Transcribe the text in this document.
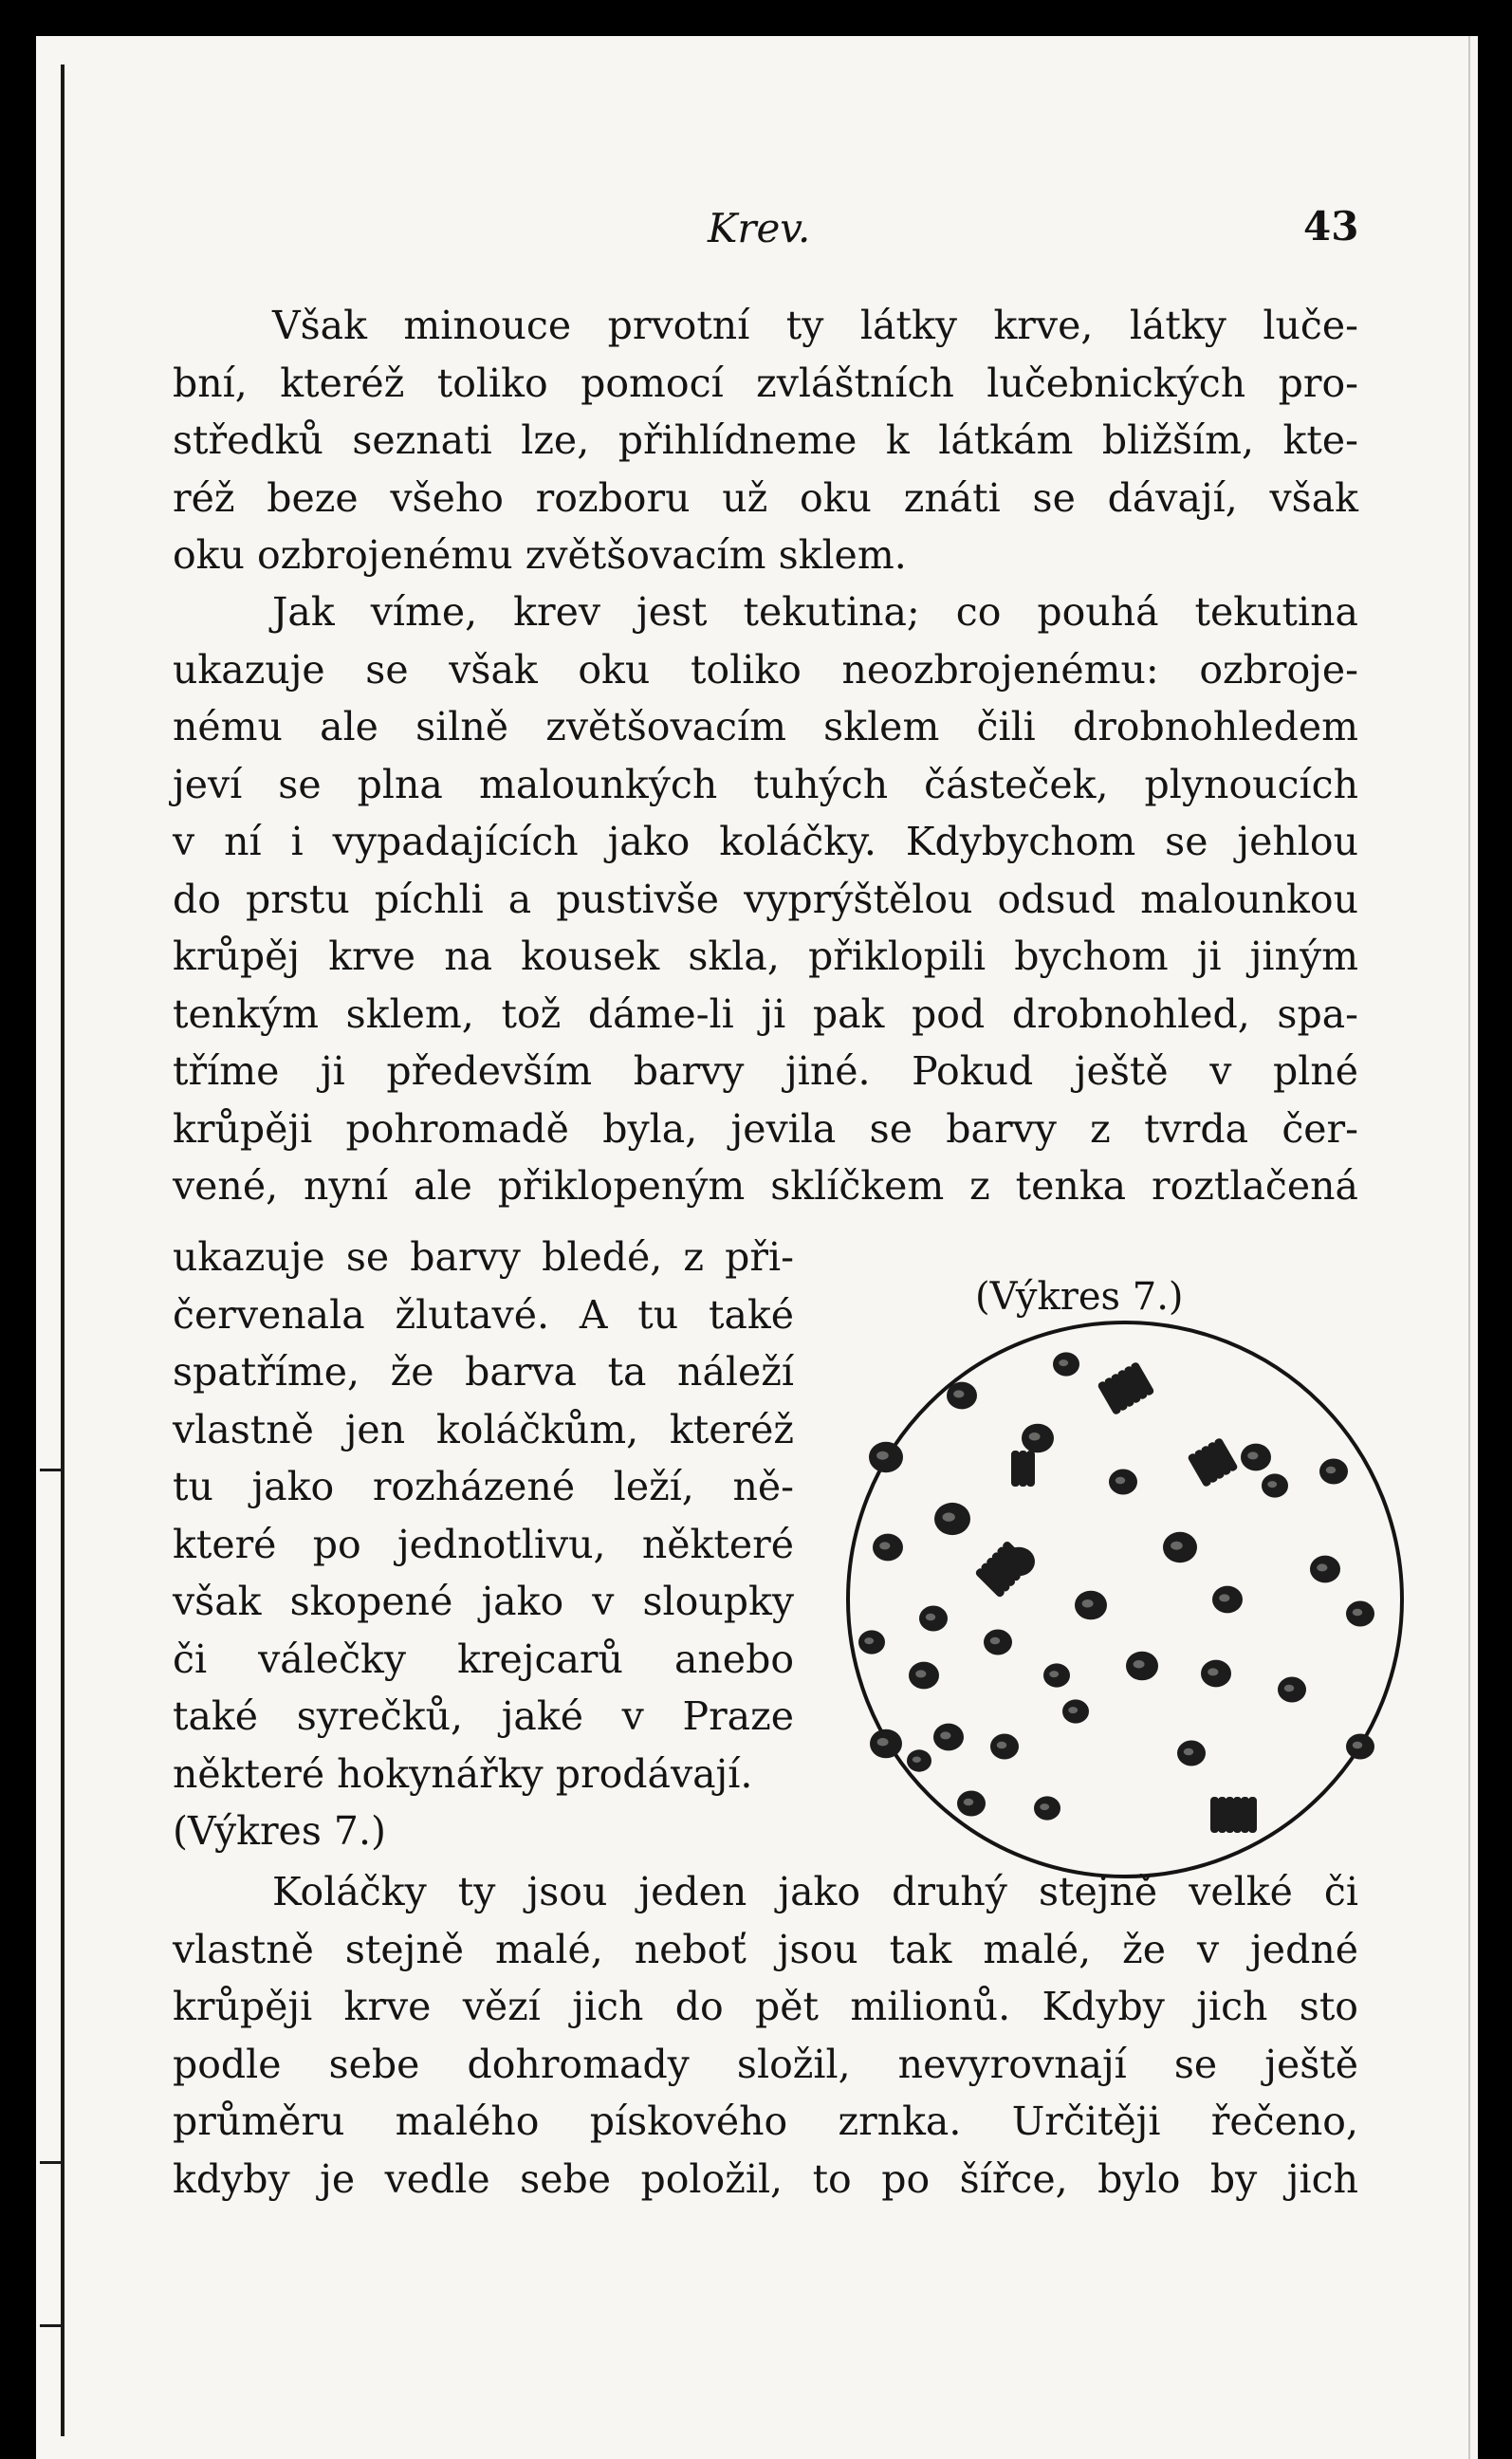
Krev.	43
Však minouce prvotní ty látky krve, látky luče-
bní, kteréž toliko pomocí zvláštních lučebnických pro-
středků seznati lze, přihlídneme k látkám bližším, kte-
réž beze všeho rozboru už oku znáti se dávají, však
oku ozbrojenému zvětšovacím sklem.
Jak víme, krev jest tekutina; co pouhá tekutina
ukazuje se však oku toliko neozbrojenému: ozbroje-
nému ale silně zvětšovacím sklem čili drobnohledem
jeví se plna malounkých tuhých částeček, plynoucích
v ní i vypadajících jako koláčky. Kdybychom se jehlou
do prstu píchli a pustivše vyprýštělou odsud malounkou
krůpěj krve na kousek skla, přiklopili bychom ji jiným
tenkým sklem, tož dáme-li ji pak pod drobnohled, spa-
tříme ji především barvy jiné. Pokud ještě v plné
krůpěji pohromadě byla, jevila se barvy z tvrda čer-
vené, nyní ale přiklopeným sklíčkem z tenka roztlačená
ukazuje se barvy bledé, z při-
červenala žlutavé. A tu také
spatříme, že barva ta náleží
vlastně jen koláčkům, kteréž
tu jako rozházené leží, ně-
které po jednotlivu, některé
však skopené jako v sloupky
či válečky krejcarů anebo
také syrečků, jaké v Praze
některé hokynářky prodávají.
(Výkres 7.)
Koláčky ty jsou jeden jako druhý stejně velké či
vlastně stejně malé, neboť jsou tak malé, že v jedné
krůpěji krve vězí jich do pět milionů. Kdyby jich sto
podle sebe dohromady složil, nevyrovnají se ještě
průměru malého pískového zrnka. Určitěji řečeno,
kdyby je vedle sebe položil, to po šířce, bylo by jich
(Výkres 7.)
